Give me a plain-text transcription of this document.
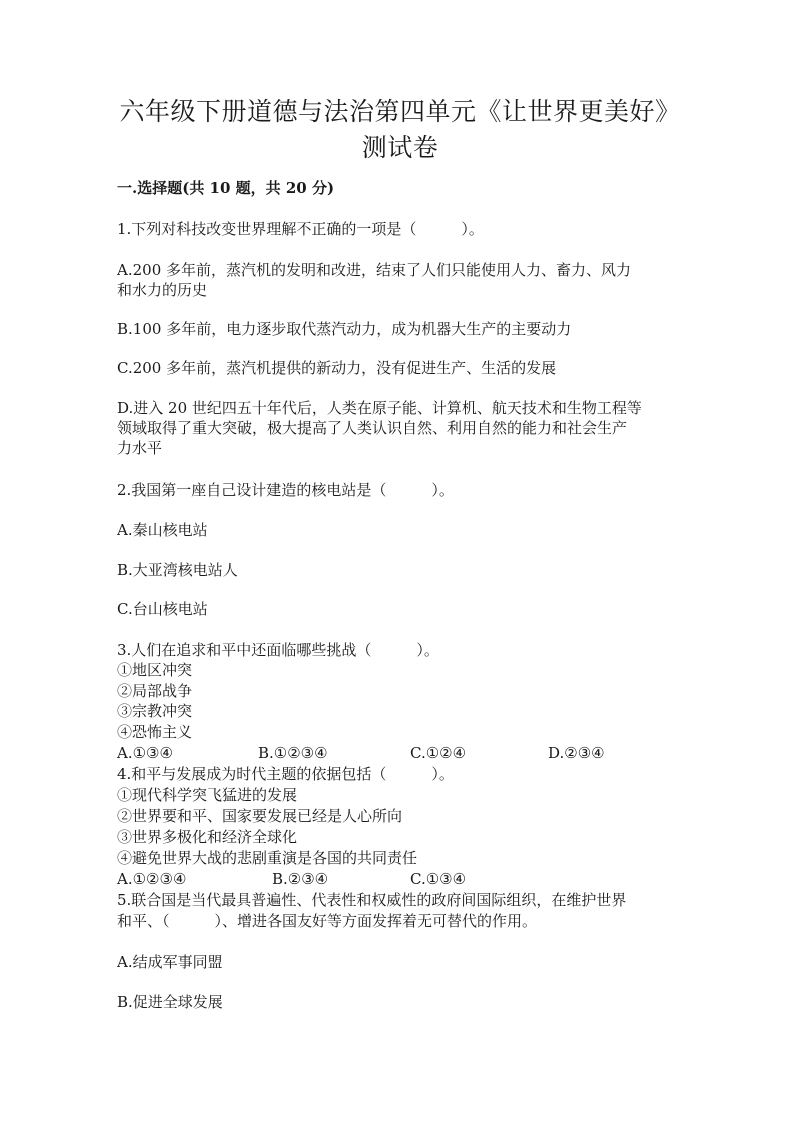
六年级下册道德与法治第四单元《让世界更美好》
测试卷
一.选择题(共 10 题，共 20 分)
1.下列对科技改变世界理解不正确的一项是（　　　）。
A.200 多年前，蒸汽机的发明和改进，结束了人们只能使用人力、畜力、风力
和水力的历史
B.100 多年前，电力逐步取代蒸汽动力，成为机器大生产的主要动力
C.200 多年前，蒸汽机提供的新动力，没有促进生产、生活的发展
D.进入 20 世纪四五十年代后，人类在原子能、计算机、航天技术和生物工程等
领域取得了重大突破，极大提高了人类认识自然、利用自然的能力和社会生产
力水平
2.我国第一座自己设计建造的核电站是（　　　）。
A.秦山核电站
B.大亚湾核电站人
C.台山核电站
3.人们在追求和平中还面临哪些挑战（　　　）。
①地区冲突
②局部战争
③宗教冲突
④恐怖主义
A.①③④	B.①②③④	C.①②④	D.②③④
4.和平与发展成为时代主题的依据包括（　　　）。
①现代科学突飞猛进的发展
②世界要和平、国家要发展已经是人心所向
③世界多极化和经济全球化
④避免世界大战的悲剧重演是各国的共同责任
A.①②③④	B.②③④	C.①③④
5.联合国是当代最具普遍性、代表性和权威性的政府间国际组织，在维护世界
和平、（　　　）、增进各国友好等方面发挥着无可替代的作用。
A.结成军事同盟
B.促进全球发展
